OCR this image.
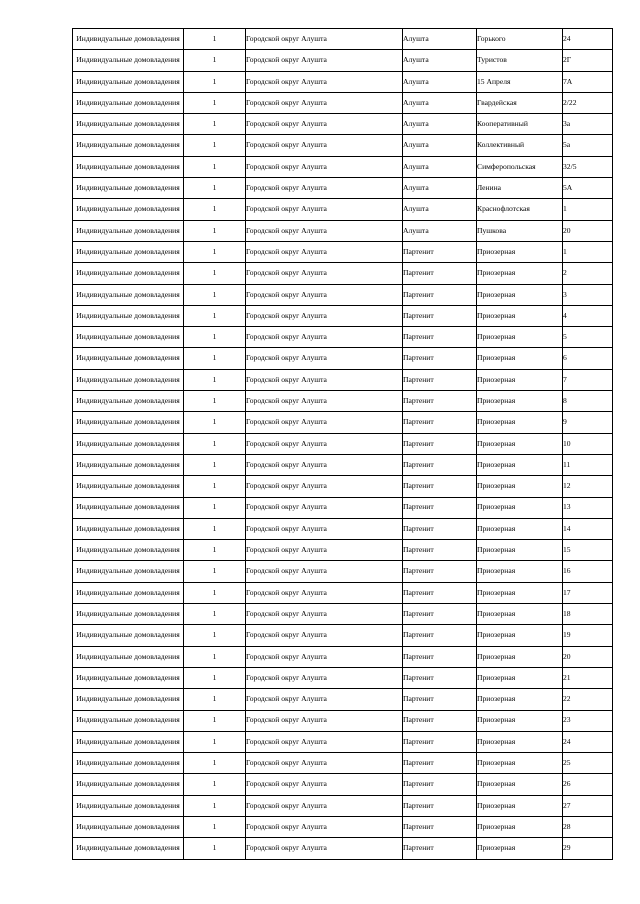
Индивидуальные домовладения	1	Городской округ Алушта	Алушта	Горького	24
Индивидуальные домовладения	1	Городской округ Алушта	Алушта	Туристов	2Г
Индивидуальные домовладения	1	Городской округ Алушта	Алушта	15 Апреля	7А
Индивидуальные домовладения	1	Городской округ Алушта	Алушта	Гвардейская	2/22
Индивидуальные домовладения	1	Городской округ Алушта	Алушта	Кооперативный	3а
Индивидуальные домовладения	1	Городской округ Алушта	Алушта	Коллективный	5а
Индивидуальные домовладения	1	Городской округ Алушта	Алушта	Симферопольская	32/5
Индивидуальные домовладения	1	Городской округ Алушта	Алушта	Ленина	5А
Индивидуальные домовладения	1	Городской округ Алушта	Алушта	Краснофлотская	1
Индивидуальные домовладения	1	Городской округ Алушта	Алушта	Пушкова	20
Индивидуальные домовладения	1	Городской округ Алушта	Партенит	Приозерная	1
Индивидуальные домовладения	1	Городской округ Алушта	Партенит	Приозерная	2
Индивидуальные домовладения	1	Городской округ Алушта	Партенит	Приозерная	3
Индивидуальные домовладения	1	Городской округ Алушта	Партенит	Приозерная	4
Индивидуальные домовладения	1	Городской округ Алушта	Партенит	Приозерная	5
Индивидуальные домовладения	1	Городской округ Алушта	Партенит	Приозерная	6
Индивидуальные домовладения	1	Городской округ Алушта	Партенит	Приозерная	7
Индивидуальные домовладения	1	Городской округ Алушта	Партенит	Приозерная	8
Индивидуальные домовладения	1	Городской округ Алушта	Партенит	Приозерная	9
Индивидуальные домовладения	1	Городской округ Алушта	Партенит	Приозерная	10
Индивидуальные домовладения	1	Городской округ Алушта	Партенит	Приозерная	11
Индивидуальные домовладения	1	Городской округ Алушта	Партенит	Приозерная	12
Индивидуальные домовладения	1	Городской округ Алушта	Партенит	Приозерная	13
Индивидуальные домовладения	1	Городской округ Алушта	Партенит	Приозерная	14
Индивидуальные домовладения	1	Городской округ Алушта	Партенит	Приозерная	15
Индивидуальные домовладения	1	Городской округ Алушта	Партенит	Приозерная	16
Индивидуальные домовладения	1	Городской округ Алушта	Партенит	Приозерная	17
Индивидуальные домовладения	1	Городской округ Алушта	Партенит	Приозерная	18
Индивидуальные домовладения	1	Городской округ Алушта	Партенит	Приозерная	19
Индивидуальные домовладения	1	Городской округ Алушта	Партенит	Приозерная	20
Индивидуальные домовладения	1	Городской округ Алушта	Партенит	Приозерная	21
Индивидуальные домовладения	1	Городской округ Алушта	Партенит	Приозерная	22
Индивидуальные домовладения	1	Городской округ Алушта	Партенит	Приозерная	23
Индивидуальные домовладения	1	Городской округ Алушта	Партенит	Приозерная	24
Индивидуальные домовладения	1	Городской округ Алушта	Партенит	Приозерная	25
Индивидуальные домовладения	1	Городской округ Алушта	Партенит	Приозерная	26
Индивидуальные домовладения	1	Городской округ Алушта	Партенит	Приозерная	27
Индивидуальные домовладения	1	Городской округ Алушта	Партенит	Приозерная	28
Индивидуальные домовладения	1	Городской округ Алушта	Партенит	Приозерная	29
